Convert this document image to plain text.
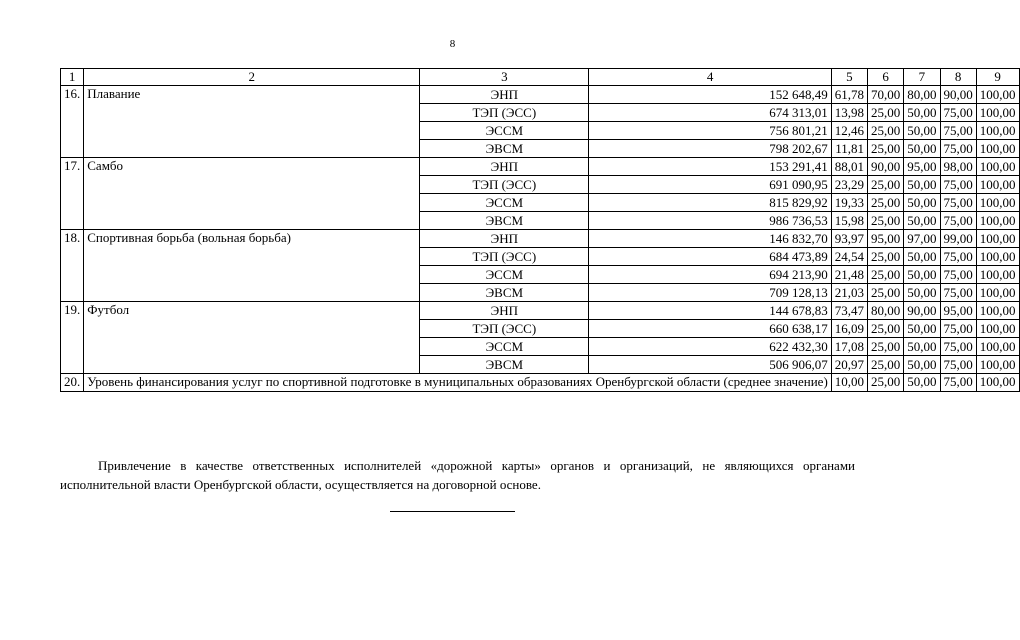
8
1	2	3	4	5	6	7	8	9
16.	Плавание	ЭНП	152 648,49	61,78	70,00	80,00	90,00	100,00
		ТЭП (ЭСС)	674 313,01	13,98	25,00	50,00	75,00	100,00
		ЭССМ	756 801,21	12,46	25,00	50,00	75,00	100,00
		ЭВСМ	798 202,67	11,81	25,00	50,00	75,00	100,00
17.	Самбо	ЭНП	153 291,41	88,01	90,00	95,00	98,00	100,00
		ТЭП (ЭСС)	691 090,95	23,29	25,00	50,00	75,00	100,00
		ЭССМ	815 829,92	19,33	25,00	50,00	75,00	100,00
		ЭВСМ	986 736,53	15,98	25,00	50,00	75,00	100,00
18.	Спортивная борьба (вольная борьба)	ЭНП	146 832,70	93,97	95,00	97,00	99,00	100,00
		ТЭП (ЭСС)	684 473,89	24,54	25,00	50,00	75,00	100,00
		ЭССМ	694 213,90	21,48	25,00	50,00	75,00	100,00
		ЭВСМ	709 128,13	21,03	25,00	50,00	75,00	100,00
19.	Футбол	ЭНП	144 678,83	73,47	80,00	90,00	95,00	100,00
		ТЭП (ЭСС)	660 638,17	16,09	25,00	50,00	75,00	100,00
		ЭССМ	622 432,30	17,08	25,00	50,00	75,00	100,00
		ЭВСМ	506 906,07	20,97	25,00	50,00	75,00	100,00
20.	Уровень финансирования услуг по спортивной подготовке в муниципальных образованиях Оренбургской области (среднее значение)			10,00	25,00	50,00	75,00	100,00

Привлечение в качестве ответственных исполнителей «дорожной карты» органов и организаций, не являющихся органами исполнительной власти Оренбургской области, осуществляется на договорной основе.
